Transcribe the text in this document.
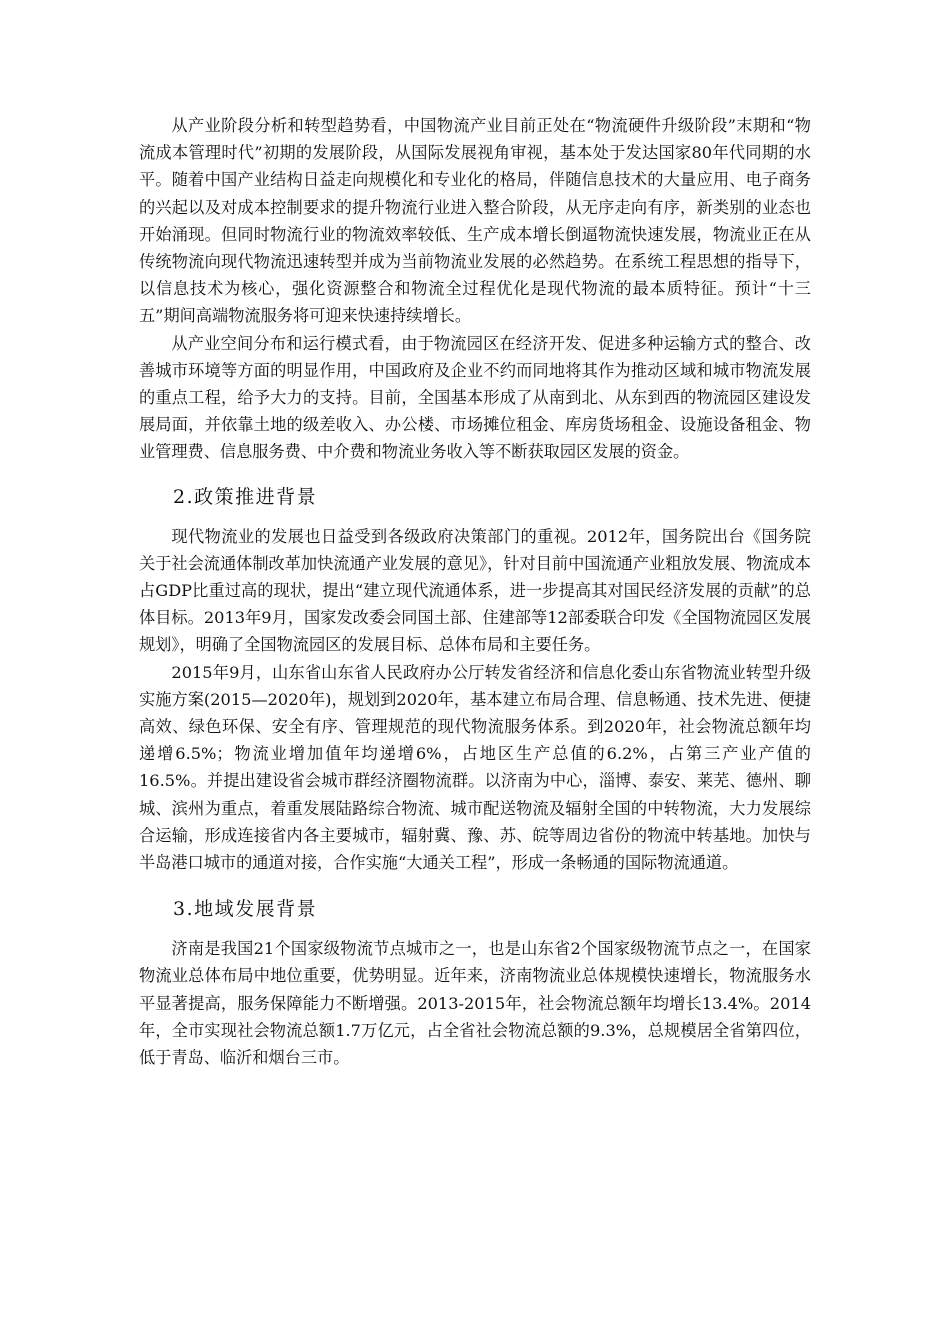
从产业阶段分析和转型趋势看，中国物流产业目前正处在“物流硬件升级阶段”末期和“物流成本管理时代”初期的发展阶段，从国际发展视角审视，基本处于发达国家80年代同期的水平。随着中国产业结构日益走向规模化和专业化的格局，伴随信息技术的大量应用、电子商务的兴起以及对成本控制要求的提升物流行业进入整合阶段，从无序走向有序，新类别的业态也开始涌现。但同时物流行业的物流效率较低、生产成本增长倒逼物流快速发展，物流业正在从传统物流向现代物流迅速转型并成为当前物流业发展的必然趋势。在系统工程思想的指导下，以信息技术为核心，强化资源整合和物流全过程优化是现代物流的最本质特征。预计“十三五”期间高端物流服务将可迎来快速持续增长。

从产业空间分布和运行模式看，由于物流园区在经济开发、促进多种运输方式的整合、改善城市环境等方面的明显作用，中国政府及企业不约而同地将其作为推动区域和城市物流发展的重点工程，给予大力的支持。目前，全国基本形成了从南到北、从东到西的物流园区建设发展局面，并依靠土地的级差收入、办公楼、市场摊位租金、库房货场租金、设施设备租金、物业管理费、信息服务费、中介费和物流业务收入等不断获取园区发展的资金。

2.政策推进背景

现代物流业的发展也日益受到各级政府决策部门的重视。2012年，国务院出台《国务院关于社会流通体制改革加快流通产业发展的意见》，针对目前中国流通产业粗放发展、物流成本占GDP比重过高的现状，提出“建立现代流通体系，进一步提高其对国民经济发展的贡献”的总体目标。2013年9月，国家发改委会同国土部、住建部等12部委联合印发《全国物流园区发展规划》，明确了全国物流园区的发展目标、总体布局和主要任务。

2015年9月，山东省山东省人民政府办公厅转发省经济和信息化委山东省物流业转型升级实施方案(2015—2020年)，规划到2020年，基本建立布局合理、信息畅通、技术先进、便捷高效、绿色环保、安全有序、管理规范的现代物流服务体系。到2020年，社会物流总额年均递增6.5%；物流业增加值年均递增6%，占地区生产总值的6.2%，占第三产业产值的16.5%。并提出建设省会城市群经济圈物流群。以济南为中心，淄博、泰安、莱芜、德州、聊城、滨州为重点，着重发展陆路综合物流、城市配送物流及辐射全国的中转物流，大力发展综合运输，形成连接省内各主要城市，辐射冀、豫、苏、皖等周边省份的物流中转基地。加快与半岛港口城市的通道对接，合作实施“大通关工程”，形成一条畅通的国际物流通道。

3.地域发展背景

济南是我国21个国家级物流节点城市之一，也是山东省2个国家级物流节点之一，在国家物流业总体布局中地位重要，优势明显。近年来，济南物流业总体规模快速增长，物流服务水平显著提高，服务保障能力不断增强。2013-2015年，社会物流总额年均增长13.4%。2014年，全市实现社会物流总额1.7万亿元，占全省社会物流总额的9.3%，总规模居全省第四位，低于青岛、临沂和烟台三市。
